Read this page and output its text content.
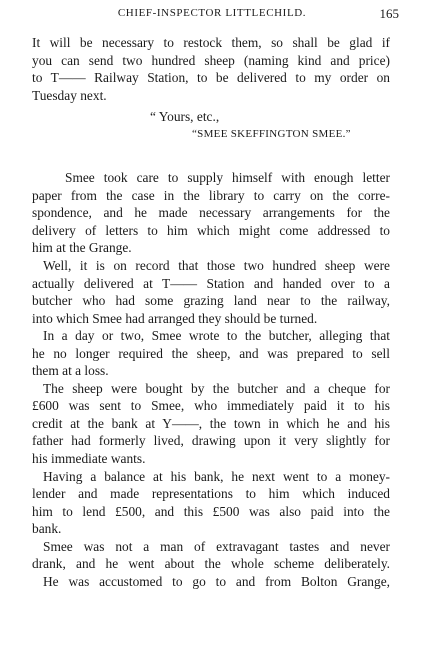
CHIEF-INSPECTOR LITTLECHILD.	165
It will be necessary to restock them, so shall be glad if
you can send two hundred sheep (naming kind and price)
to T—— Railway Station, to be delivered to my order on
Tuesday next.
“ Yours, etc.,
“SMEE SKEFFINGTON SMEE.”
Smee took care to supply himself with enough letter
paper from the case in the library to carry on the corre-
spondence, and he made necessary arrangements for the
delivery of letters to him which might come addressed to
him at the Grange.
Well, it is on record that those two hundred sheep were
actually delivered at T—— Station and handed over to a
butcher who had some grazing land near to the railway,
into which Smee had arranged they should be turned.
In a day or two, Smee wrote to the butcher, alleging that
he no longer required the sheep, and was prepared to sell
them at a loss.
The sheep were bought by the butcher and a cheque for
£600 was sent to Smee, who immediately paid it to his
credit at the bank at Y——, the town in which he and his
father had formerly lived, drawing upon it very slightly for
his immediate wants.
Having a balance at his bank, he next went to a money-
lender and made representations to him which induced
him to lend £500, and this £500 was also paid into the
bank.
Smee was not a man of extravagant tastes and never
drank, and he went about the whole scheme deliberately.
He was accustomed to go to and from Bolton Grange,
